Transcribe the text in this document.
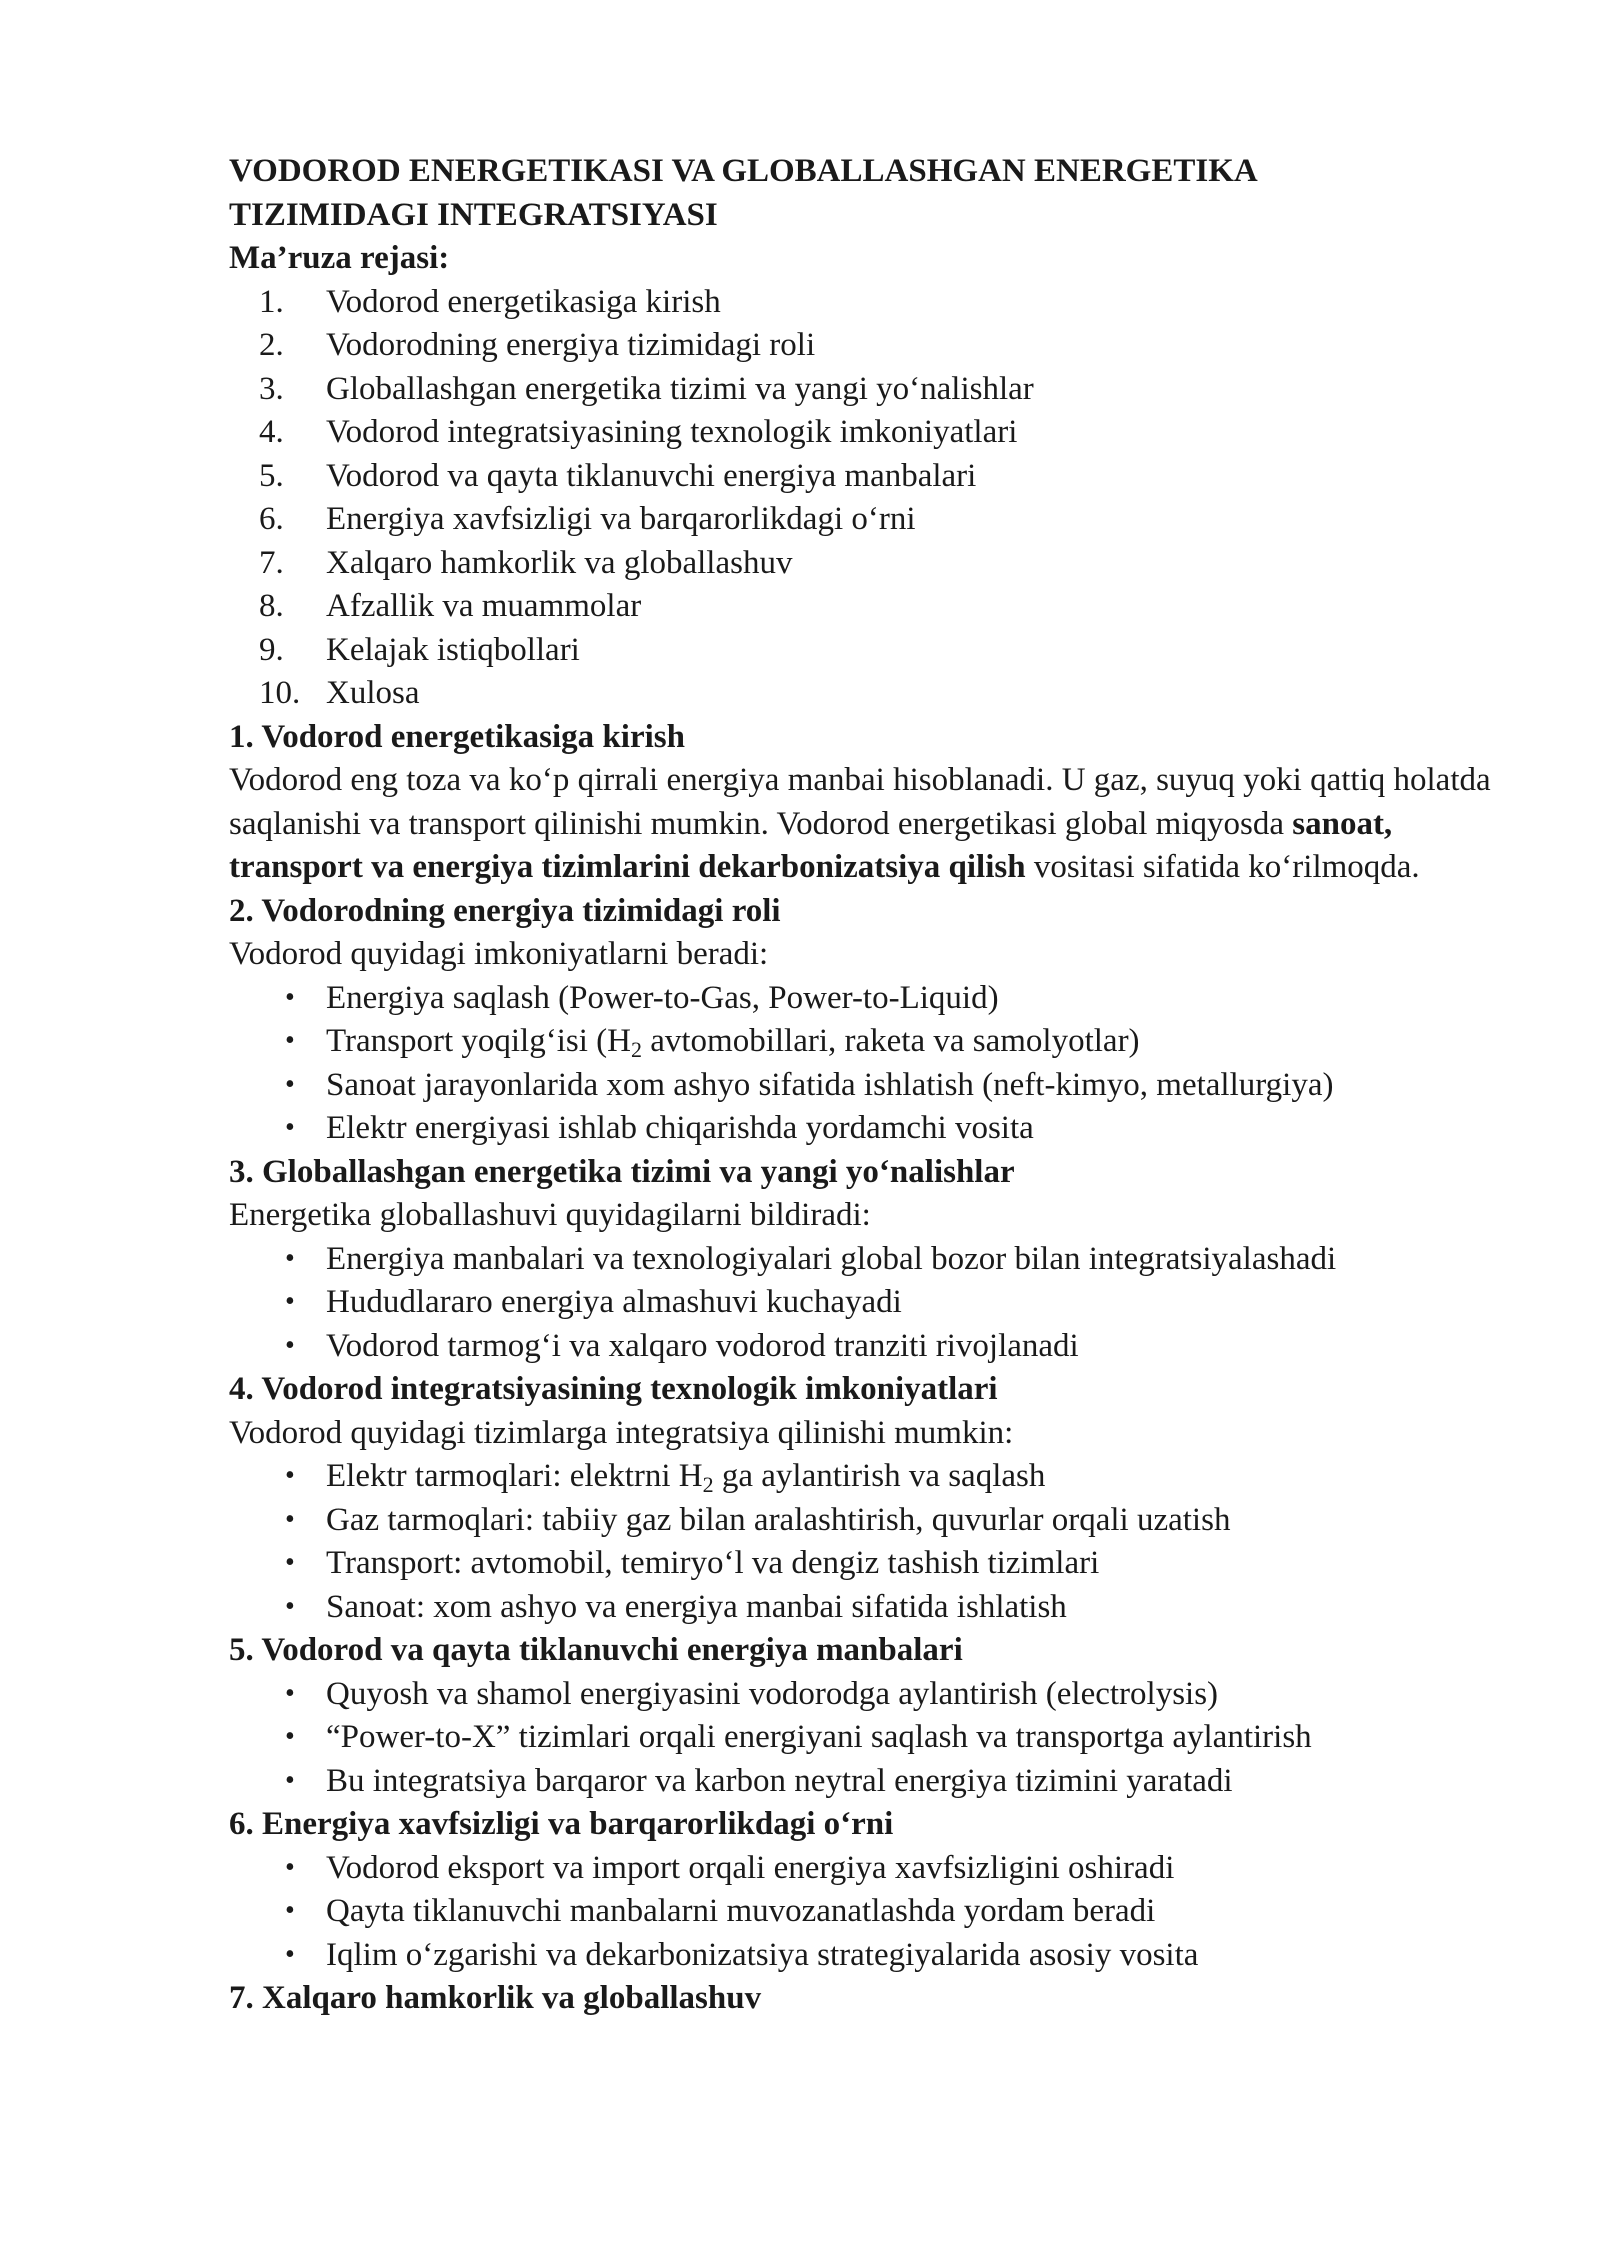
VODOROD ENERGETIKASI VA GLOBALLASHGAN ENERGETIKA
TIZIMIDAGI INTEGRATSIYASI

Ma’ruza rejasi:

1.	Vodorod energetikasiga kirish
2.	Vodorodning energiya tizimidagi roli
3.	Globallashgan energetika tizimi va yangi yo‘nalishlar
4.	Vodorod integratsiyasining texnologik imkoniyatlari
5.	Vodorod va qayta tiklanuvchi energiya manbalari
6.	Energiya xavfsizligi va barqarorlikdagi o‘rni
7.	Xalqaro hamkorlik va globallashuv
8.	Afzallik va muammolar
9.	Kelajak istiqbollari
10. Xulosa

1. Vodorod energetikasiga kirish

Vodorod eng toza va ko‘p qirrali energiya manbai hisoblanadi. U gaz, suyuq yoki qattiq holatda saqlanishi va transport qilinishi mumkin. Vodorod energetikasi global miqyosda sanoat, transport va energiya tizimlarini dekarbonizatsiya qilish vositasi sifatida ko‘rilmoqda.

2. Vodorodning energiya tizimidagi roli

Vodorod quyidagi imkoniyatlarni beradi:

• Energiya saqlash (Power-to-Gas, Power-to-Liquid)
• Transport yoqilg‘isi ($H_2$ avtomobillari, raketa va samolyotlar)
• Sanoat jarayonlarida xom ashyo sifatida ishlatish (neft-kimyo, metallurgiya)
• Elektr energiyasi ishlab chiqarishda yordamchi vosita

3. Globallashgan energetika tizimi va yangi yo‘nalishlar

Energetika globallashuvi quyidagilarni bildiradi:

• Energiya manbalari va texnologiyalari global bozor bilan integratsiyalashadi
• Hududlararo energiya almashuvi kuchayadi
• Vodorod tarmog‘i va xalqaro vodorod tranziti rivojlanadi

4. Vodorod integratsiyasining texnologik imkoniyatlari

Vodorod quyidagi tizimlarga integratsiya qilinishi mumkin:

• Elektr tarmoqlari: elektrni $H_2$ ga aylantirish va saqlash
• Gaz tarmoqlari: tabiiy gaz bilan aralashtirish, quvurlar orqali uzatish
• Transport: avtomobil, temiryo‘l va dengiz tashish tizimlari
• Sanoat: xom ashyo va energiya manbai sifatida ishlatish

5. Vodorod va qayta tiklanuvchi energiya manbalari

• Quyosh va shamol energiyasini vodorodga aylantirish (electrolysis)
• “Power-to-X” tizimlari orqali energiyani saqlash va transportga aylantirish
• Bu integratsiya barqaror va karbon neytral energiya tizimini yaratadi

6. Energiya xavfsizligi va barqarorlikdagi o‘rni

• Vodorod eksport va import orqali energiya xavfsizligini oshiradi
• Qayta tiklanuvchi manbalarni muvozanatlashda yordam beradi
• Iqlim o‘zgarishi va dekarbonizatsiya strategiyalarida asosiy vosita

7. Xalqaro hamkorlik va globallashuv
